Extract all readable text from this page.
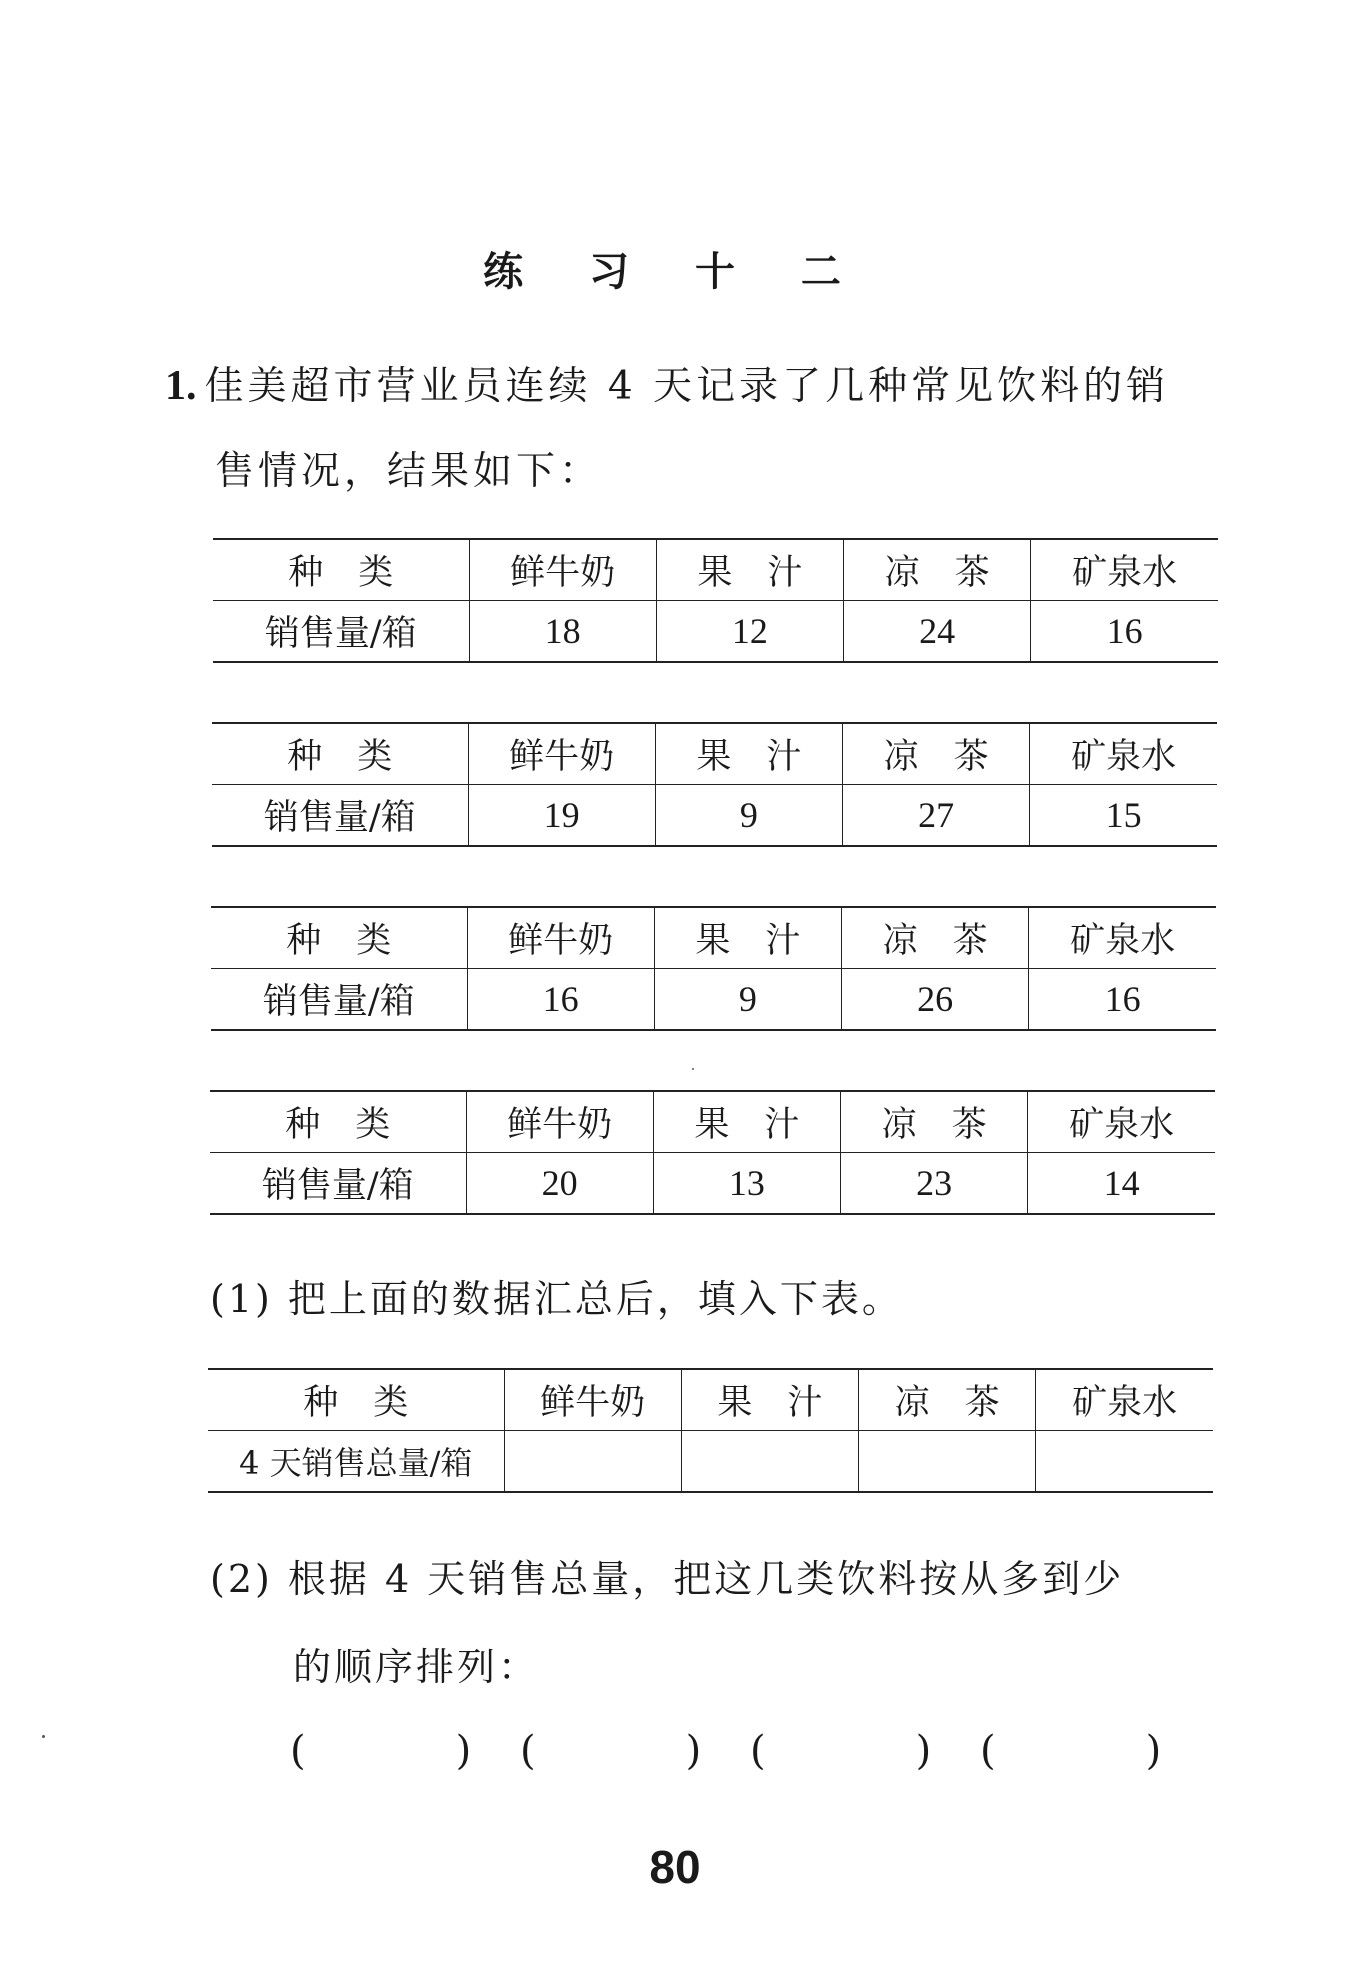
练 习 十 二
1. 佳美超市营业员连续 4 天记录了几种常见饮料的销
售情况，结果如下：
种　类	鲜牛奶	果　汁	凉　茶	矿泉水
销售量/箱	18	12	24	16
种　类	鲜牛奶	果　汁	凉　茶	矿泉水
销售量/箱	19	9	27	15
种　类	鲜牛奶	果　汁	凉　茶	矿泉水
销售量/箱	16	9	26	16
种　类	鲜牛奶	果　汁	凉　茶	矿泉水
销售量/箱	20	13	23	14
(1) 把上面的数据汇总后，填入下表。
种　类	鲜牛奶	果　汁	凉　茶	矿泉水
4 天销售总量/箱				
(2) 根据 4 天销售总量，把这几类饮料按从多到少
的顺序排列：
(	) (	) (	) (	)
80
